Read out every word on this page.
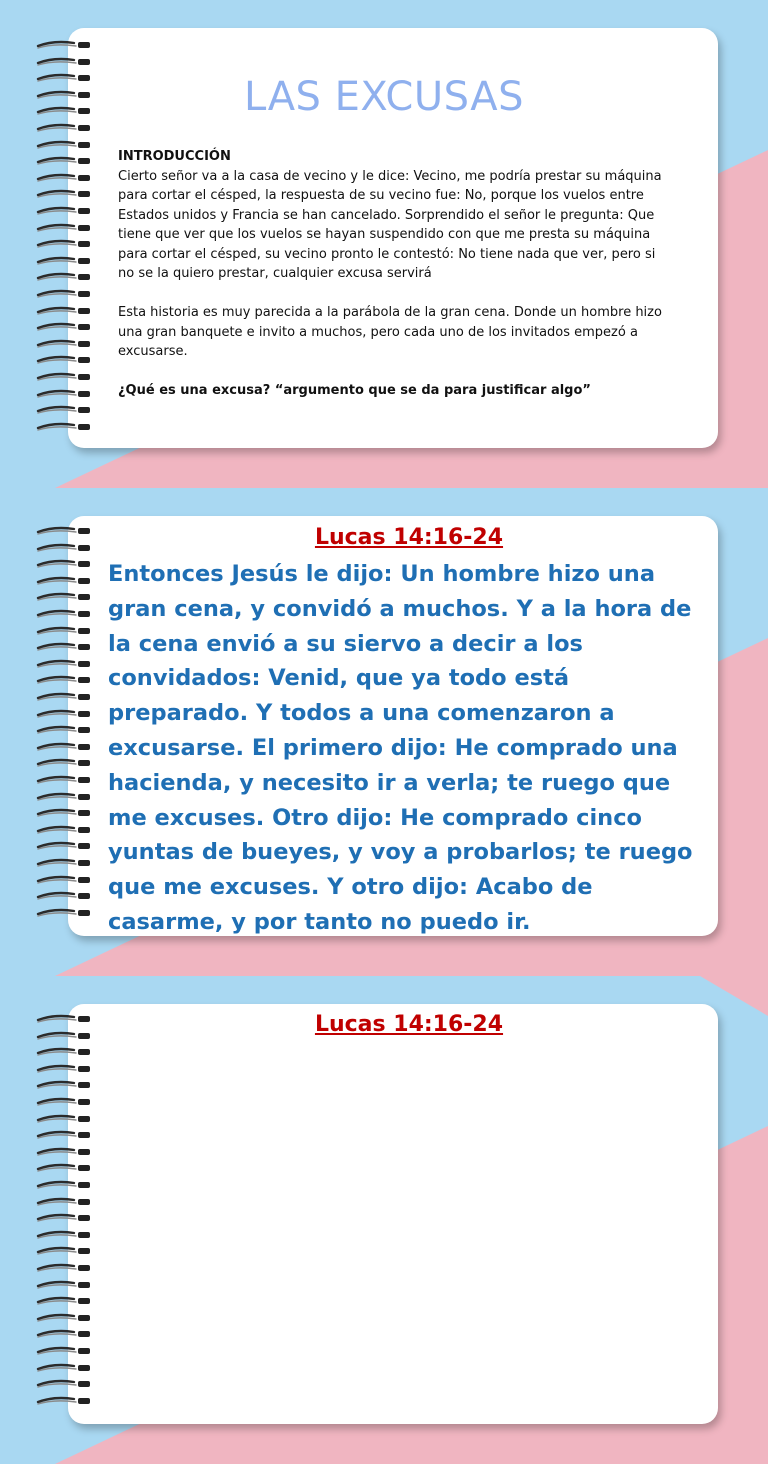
LAS EXCUSAS

INTRODUCCIÓN

Cierto señor va a la casa de vecino y le dice: Vecino, me podría prestar su máquina para cortar el césped, la respuesta de su vecino fue: No, porque los vuelos entre Estados unidos y Francia se han cancelado. Sorprendido el señor le pregunta: Que tiene que ver que los vuelos se hayan suspendido con que me presta su máquina para cortar el césped, su vecino pronto le contestó: No tiene nada que ver, pero si no se la quiero prestar, cualquier excusa servirá

Esta historia es muy parecida a la parábola de la gran cena. Donde un hombre hizo una gran banquete e invito a muchos, pero cada uno de los invitados empezó a excusarse.

¿Qué es una excusa? “argumento que se da para justificar algo”

Lucas 14:16-24
Entonces Jesús le dijo: Un hombre hizo una gran cena, y convidó a muchos. Y a la hora de la cena envió a su siervo a decir a los convidados: Venid, que ya todo está preparado. Y todos a una comenzaron a excusarse. El primero dijo: He comprado una hacienda, y necesito ir a verla; te ruego que me excuses. Otro dijo: He comprado cinco yuntas de bueyes, y voy a probarlos; te ruego que me excuses. Y otro dijo: Acabo de casarme, y por tanto no puedo ir.
Lucas 14:16-24
